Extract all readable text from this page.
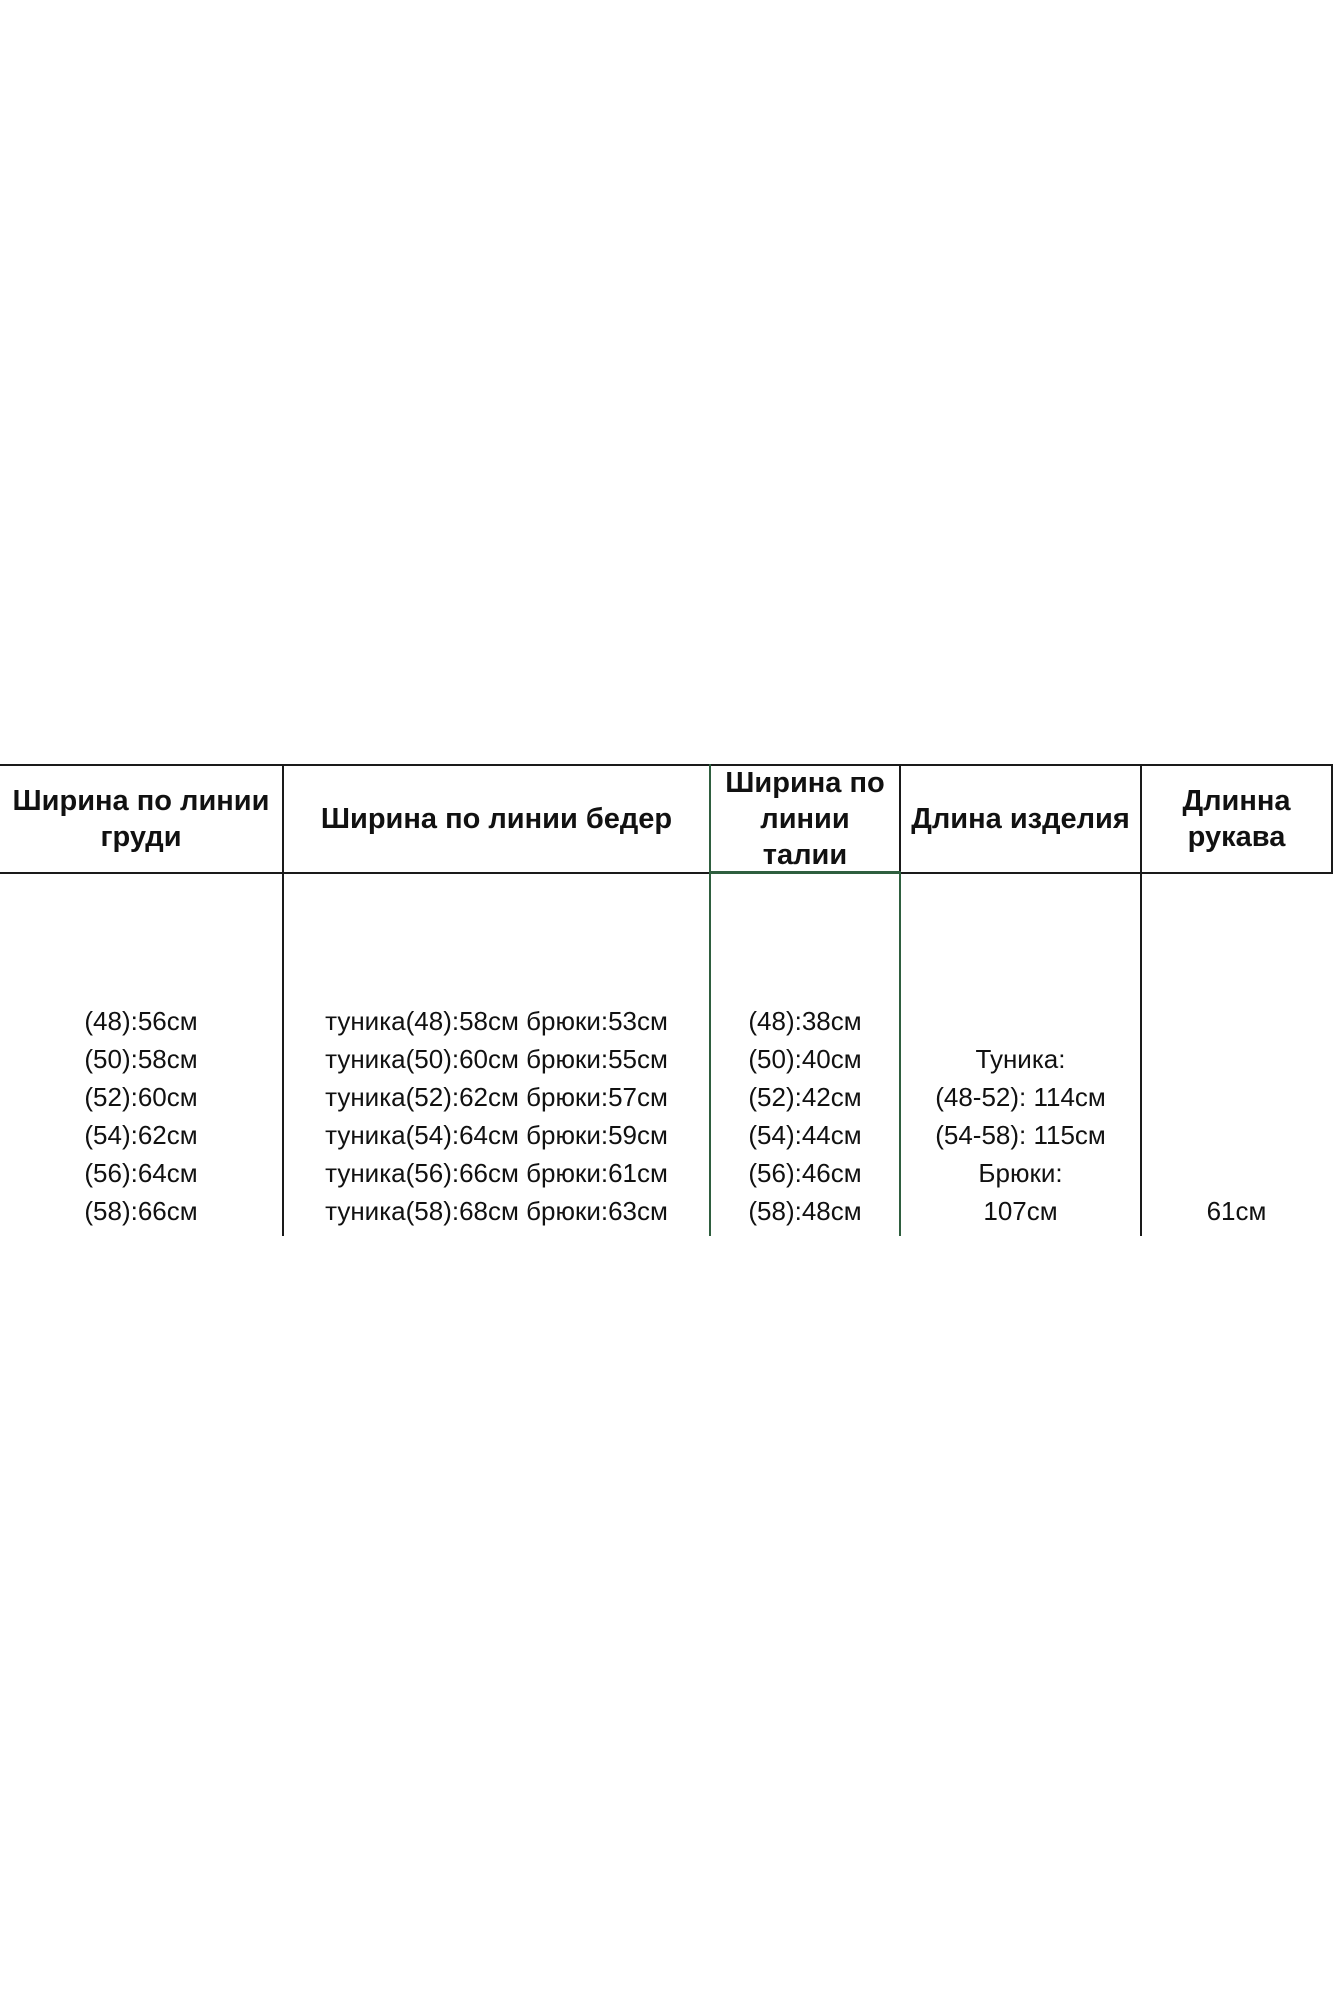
Ширина по линии груди
Ширина по линии бедер
Ширина по линии талии
Длина изделия
Длинна рукава
(48):56см
(50):58см
(52):60см
(54):62см
(56):64см
(58):66см
туника(48):58см брюки:53см
туника(50):60см брюки:55см
туника(52):62см брюки:57см
туника(54):64см брюки:59см
туника(56):66см брюки:61см
туника(58):68см брюки:63см
(48):38см
(50):40см
(52):42см
(54):44см
(56):46см
(58):48см
Туника:
(48-52): 114см
(54-58): 115см
Брюки:
107см	61см
